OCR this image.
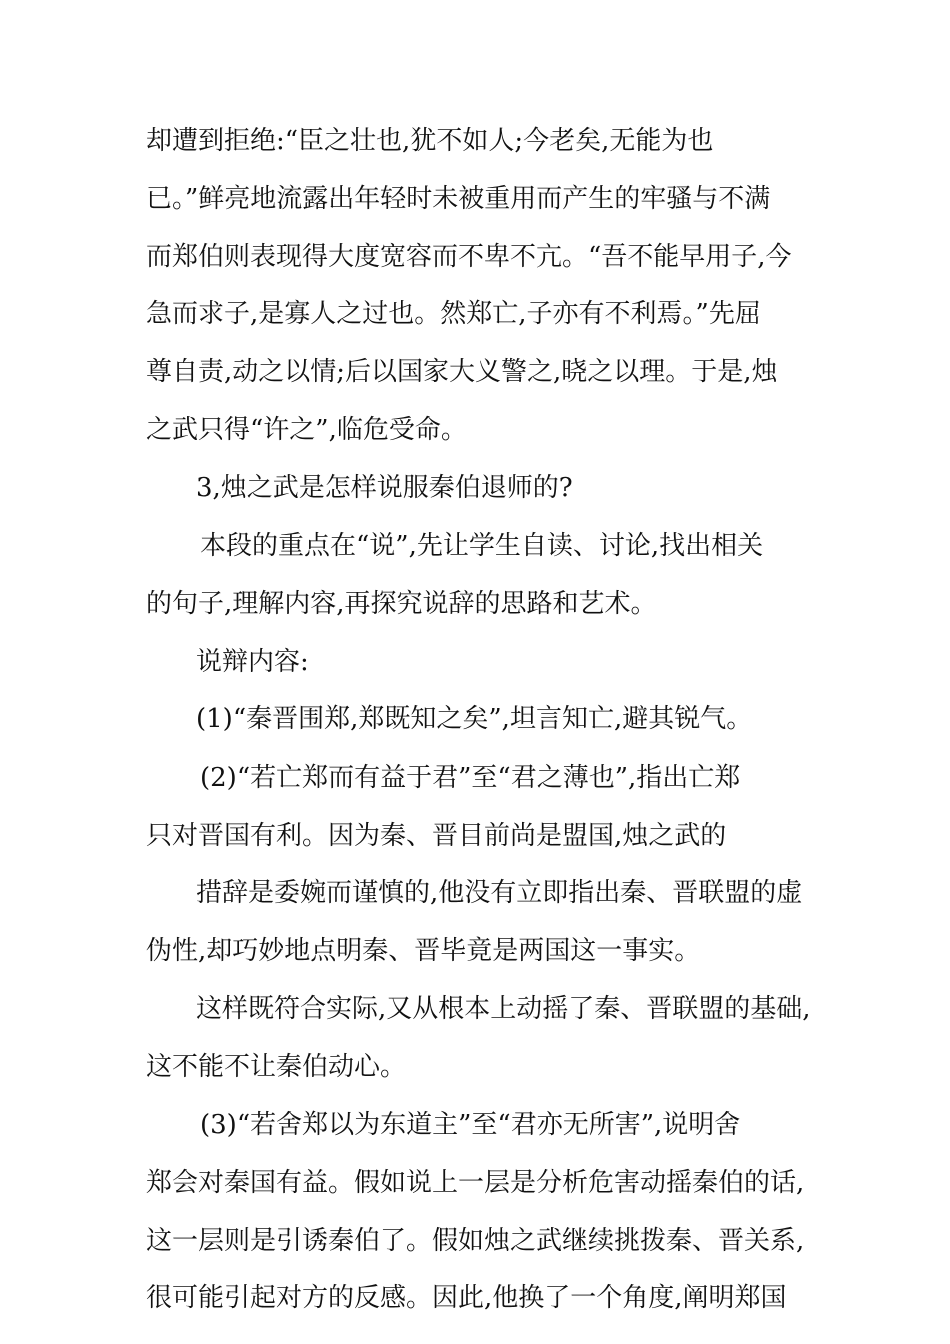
却遭到拒绝:“臣之壮也,犹不如人;今老矣,无能为也
已。”鲜亮地流露出年轻时未被重用而产生的牢骚与不满
而郑伯则表现得大度宽容而不卑不亢。“吾不能早用子,今
急而求子,是寡人之过也。然郑亡,子亦有不利焉。”先屈
尊自责,动之以情;后以国家大义警之,晓之以理。于是,烛
之武只得“许之”,临危受命。
3,烛之武是怎样说服秦伯退师的?
本段的重点在“说”,先让学生自读、讨论,找出相关
的句子,理解内容,再探究说辞的思路和艺术。
说辩内容:
(1)“秦晋围郑,郑既知之矣”,坦言知亡,避其锐气。
(2)“若亡郑而有益于君”至“君之薄也”,指出亡郑
只对晋国有利。因为秦、晋目前尚是盟国,烛之武的
措辞是委婉而谨慎的,他没有立即指出秦、晋联盟的虚
伪性,却巧妙地点明秦、晋毕竟是两国这一事实。
这样既符合实际,又从根本上动摇了秦、晋联盟的基础,
这不能不让秦伯动心。
(3)“若舍郑以为东道主”至“君亦无所害”,说明舍
郑会对秦国有益。假如说上一层是分析危害动摇秦伯的话,
这一层则是引诱秦伯了。假如烛之武继续挑拨秦、晋关系,
很可能引起对方的反感。因此,他换了一个角度,阐明郑国
